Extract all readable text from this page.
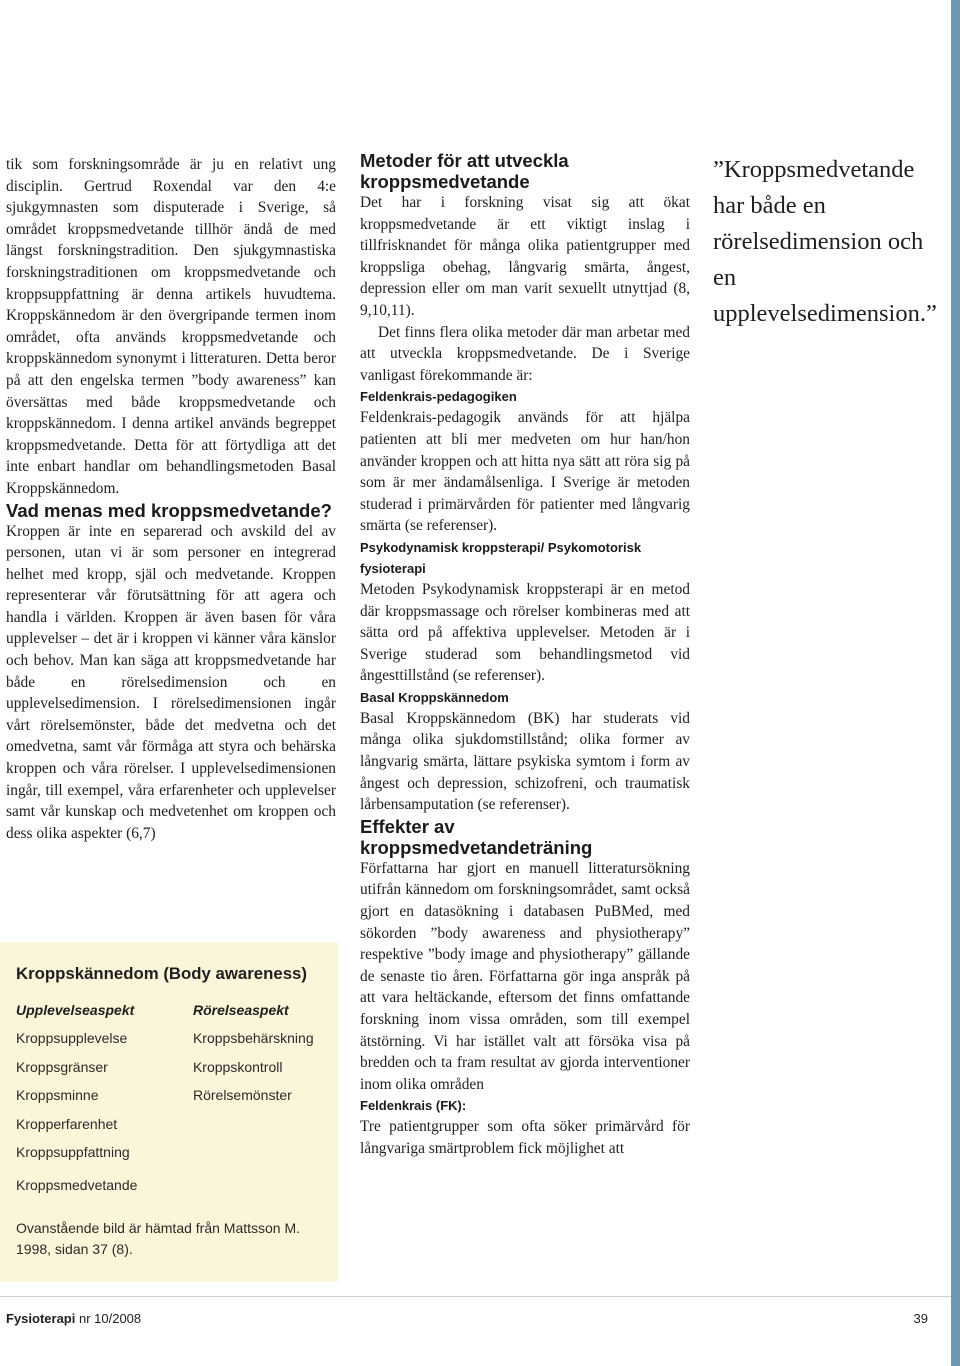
tik som forskningsområde är ju en relativt ung disciplin. Gertrud Roxendal var den 4:e sjukgymnasten som disputerade i Sverige, så området kroppsmedvetande tillhör ändå de med längst forskningstradition. Den sjukgymnastiska forskningstraditionen om kroppsmedvetande och kroppsuppfattning är denna artikels huvudtema. Kroppskännedom är den övergripande termen inom området, ofta används kroppsmedvetande och kroppskännedom synonymt i litteraturen. Detta beror på att den engelska termen ”body awareness” kan översättas med både kroppsmedvetande och kroppskännedom. I denna artikel används begreppet kroppsmedvetande. Detta för att förtydliga att det inte enbart handlar om behandlingsmetoden Basal Kroppskännedom.

Vad menas med kroppsmedvetande?

Kroppen är inte en separerad och avskild del av personen, utan vi är som personer en integrerad helhet med kropp, själ och medvetande. Kroppen representerar vår förutsättning för att agera och handla i världen. Kroppen är även basen för våra upplevelser – det är i kroppen vi känner våra känslor och behov. Man kan säga att kroppsmedvetande har både en rörelsedimension och en upplevelsedimension. I rörelsedimensionen ingår vårt rörelsemönster, både det medvetna och det omedvetna, samt vår förmåga att styra och behärska kroppen och våra rörelser. I upplevelsedimensionen ingår, till exempel, våra erfarenheter och upplevelser samt vår kunskap och medvetenhet om kroppen och dess olika aspekter (6,7)

Kroppskännedom (Body awareness)
Upplevelseaspekt
Kroppsupplevelse
Kroppsgränser
Kroppsminne
Kropperfarenhet
Kroppsuppfattning
Kroppsmedvetande
Rörelseaspekt
Kroppsbehärskning
Kroppskontroll
Rörelsemönster
Ovanstående bild är hämtad från Mattsson M. 1998, sidan 37 (8).
Metoder för att utveckla kroppsmedvetande

Det har i forskning visat sig att ökat kroppsmedvetande är ett viktigt inslag i tillfrisknandet för många olika patientgrupper med kroppsliga obehag, långvarig smärta, ångest, depression eller om man varit sexuellt utnyttjad (8, 9,10,11).

Det finns flera olika metoder där man arbetar med att utveckla kroppsmedvetande. De i Sverige vanligast förekommande är:

Feldenkrais-pedagogiken

Feldenkrais-pedagogik används för att hjälpa patienten att bli mer medveten om hur han/hon använder kroppen och att hitta nya sätt att röra sig på som är mer ändamålsenliga. I Sverige är metoden studerad i primärvården för patienter med långvarig smärta (se referenser).

Psykodynamisk kroppsterapi/ Psykomotorisk fysioterapi

Metoden Psykodynamisk kroppsterapi är en metod där kroppsmassage och rörelser kombineras med att sätta ord på affektiva upplevelser. Metoden är i Sverige studerad som behandlingsmetod vid ångesttillstånd (se referenser).

Basal Kroppskännedom

Basal Kroppskännedom (BK) har studerats vid många olika sjukdomstillstånd; olika former av långvarig smärta, lättare psykiska symtom i form av ångest och depression, schizofreni, och traumatisk lårbensamputation (se referenser).

Effekter av kroppsmedvetandeträning

Författarna har gjort en manuell litteratursökning utifrån kännedom om forskningsområdet, samt också gjort en datasökning i databasen PuBMed, med sökorden ”body awareness and physiotherapy” respektive ”body image and physiotherapy” gällande de senaste tio åren. Författarna gör inga anspråk på att vara heltäckande, eftersom det finns omfattande forskning inom vissa områden, som till exempel ätstörning. Vi har istället valt att försöka visa på bredden och ta fram resultat av gjorda interventioner inom olika områden

Feldenkrais (FK):

Tre patientgrupper som ofta söker primärvård för långvariga smärtproblem fick möjlighet att

”Kroppsmedvetande har både en rörelsedimension och en upplevelsedimension.”

Fysioterapi nr 10/2008	39
